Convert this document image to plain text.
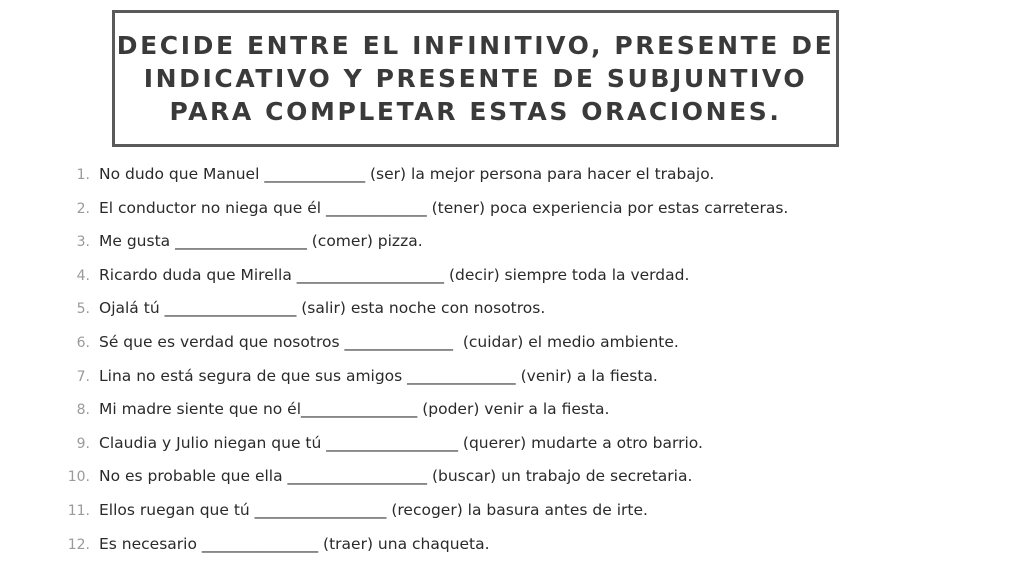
DECIDE ENTRE EL INFINITIVO, PRESENTE DE
INDICATIVO Y PRESENTE DE SUBJUNTIVO
PARA COMPLETAR ESTAS ORACIONES.
1. No dudo que Manuel _____________ (ser) la mejor persona para hacer el trabajo.
2. El conductor no niega que él _____________ (tener) poca experiencia por estas carreteras.
3. Me gusta _________________ (comer) pizza.
4. Ricardo duda que Mirella ___________________ (decir) siempre toda la verdad.
5. Ojalá tú _________________ (salir) esta noche con nosotros.
6. Sé que es verdad que nosotros ______________  (cuidar) el medio ambiente.
7. Lina no está segura de que sus amigos ______________ (venir) a la fiesta.
8. Mi madre siente que no él_______________ (poder) venir a la fiesta.
9. Claudia y Julio niegan que tú _________________ (querer) mudarte a otro barrio.
10. No es probable que ella __________________ (buscar) un trabajo de secretaria.
11. Ellos ruegan que tú _________________ (recoger) la basura antes de irte.
12. Es necesario _______________ (traer) una chaqueta.
